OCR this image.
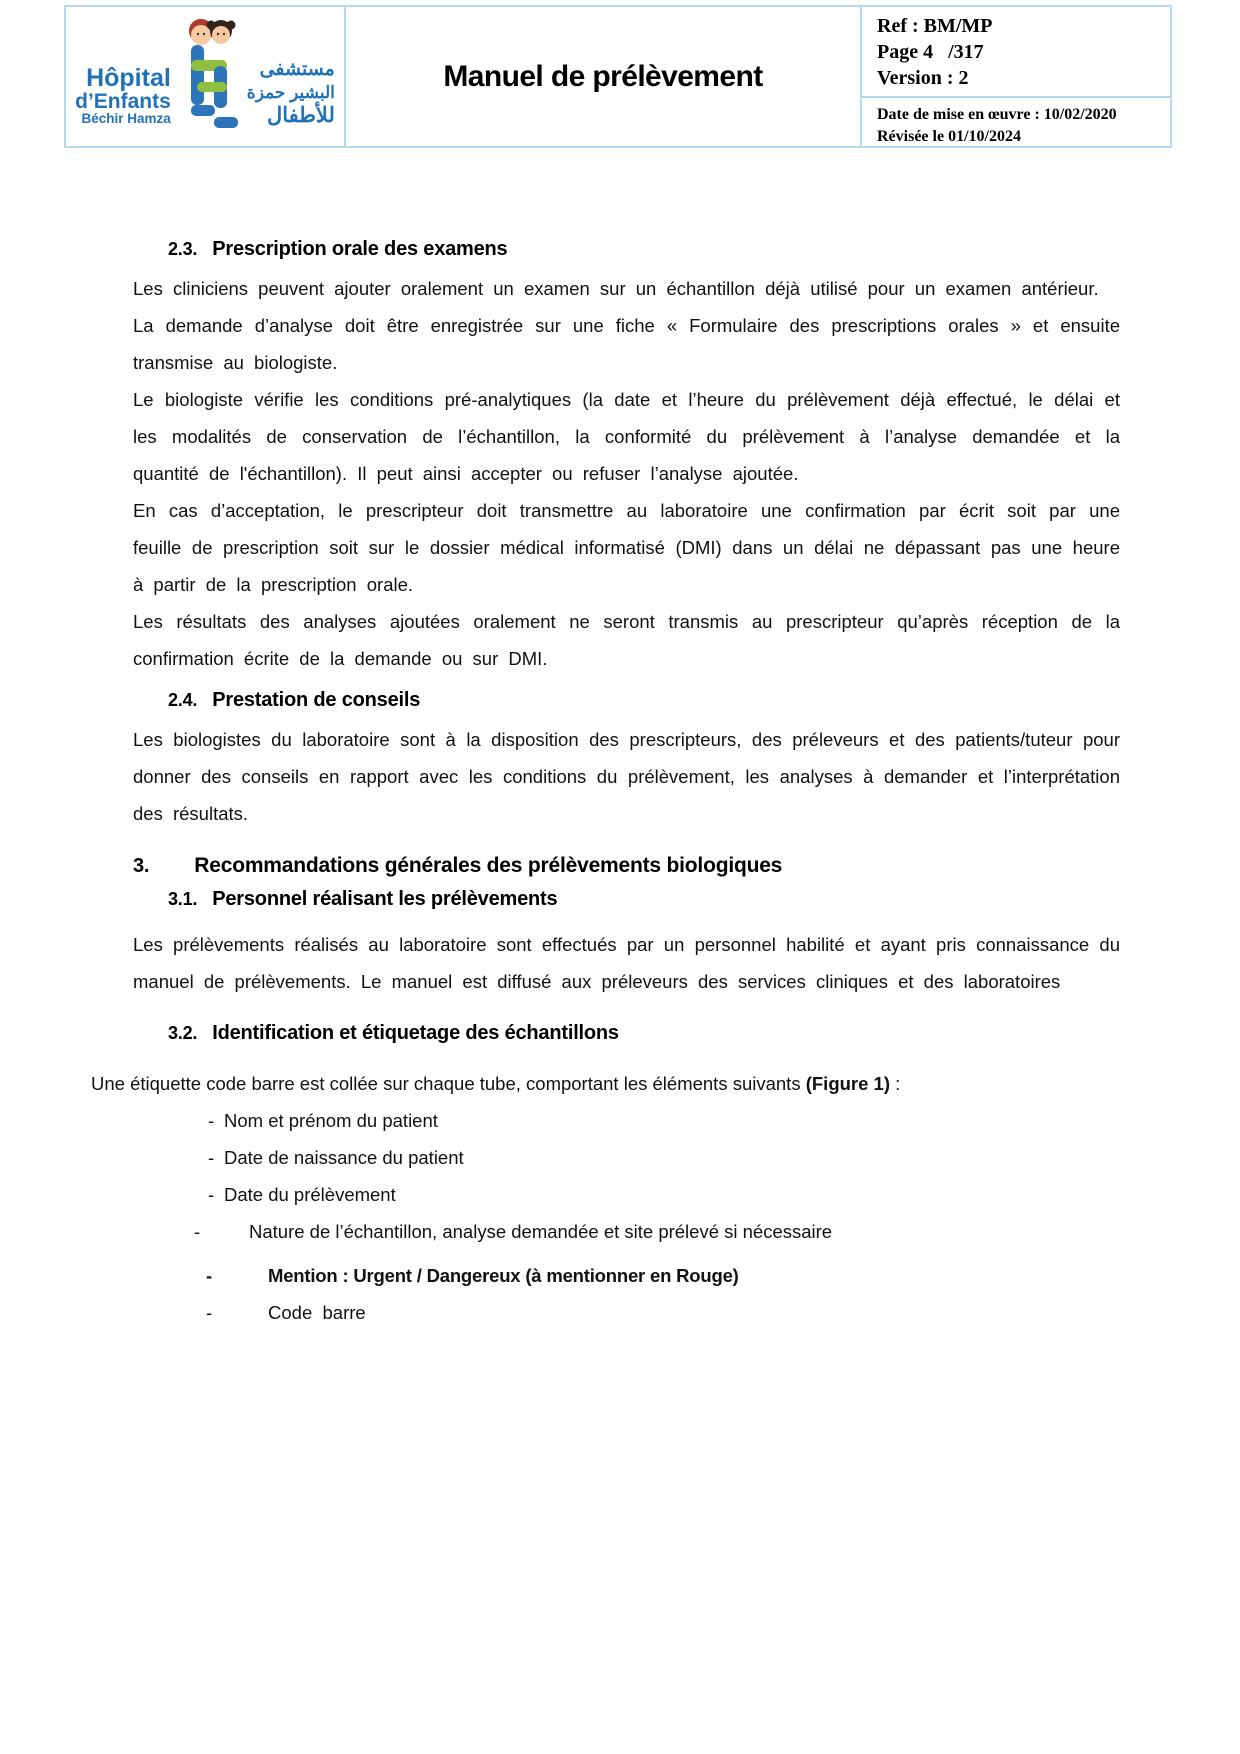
Hôpital
d’Enfants
Béchir Hamza
مستشفى
البشير حمزة
للأطفال
Manuel de prélèvement
Ref : BM/MP
Page 4   /317
Version : 2
Date de mise en œuvre : 10/02/2020
Révisée le 01/10/2024
2.3. Prescription orale des examens

Les cliniciens peuvent ajouter oralement un examen sur un échantillon déjà utilisé pour un examen antérieur.

La demande d’analyse doit être enregistrée sur une fiche « Formulaire des prescriptions orales » et ensuite transmise au biologiste.

Le biologiste vérifie les conditions pré-analytiques (la date et l’heure du prélèvement déjà effectué, le délai et les modalités de conservation de l’échantillon, la conformité du prélèvement à l’analyse demandée et la quantité de l'échantillon). Il peut ainsi accepter ou refuser l’analyse ajoutée.

En cas d’acceptation, le prescripteur doit transmettre au laboratoire une confirmation par écrit soit par une feuille de prescription soit sur le dossier médical informatisé (DMI) dans un délai ne dépassant pas une heure à partir de la prescription orale.

Les résultats des analyses ajoutées oralement ne seront transmis au prescripteur qu’après réception de la confirmation écrite de la demande ou sur DMI.

2.4. Prestation de conseils

Les biologistes du laboratoire sont à la disposition des prescripteurs, des préleveurs et des patients/tuteur pour donner des conseils en rapport avec les conditions du prélèvement, les analyses à demander et l’interprétation des résultats.

3. Recommandations générales des prélèvements biologiques
3.1. Personnel réalisant les prélèvements

Les prélèvements réalisés au laboratoire sont effectués par un personnel habilité et ayant pris connaissance du manuel de prélèvements. Le manuel est diffusé aux préleveurs des services cliniques et des laboratoires

3.2. Identification et étiquetage des échantillons

Une étiquette code barre est collée sur chaque tube, comportant les éléments suivants (Figure 1) :

- Nom et prénom du patient
- Date de naissance du patient
- Date du prélèvement
-	Nature de l’échantillon, analyse demandée et site prélevé si nécessaire
-	Mention : Urgent / Dangereux (à mentionner en Rouge)
-	Code  barre
